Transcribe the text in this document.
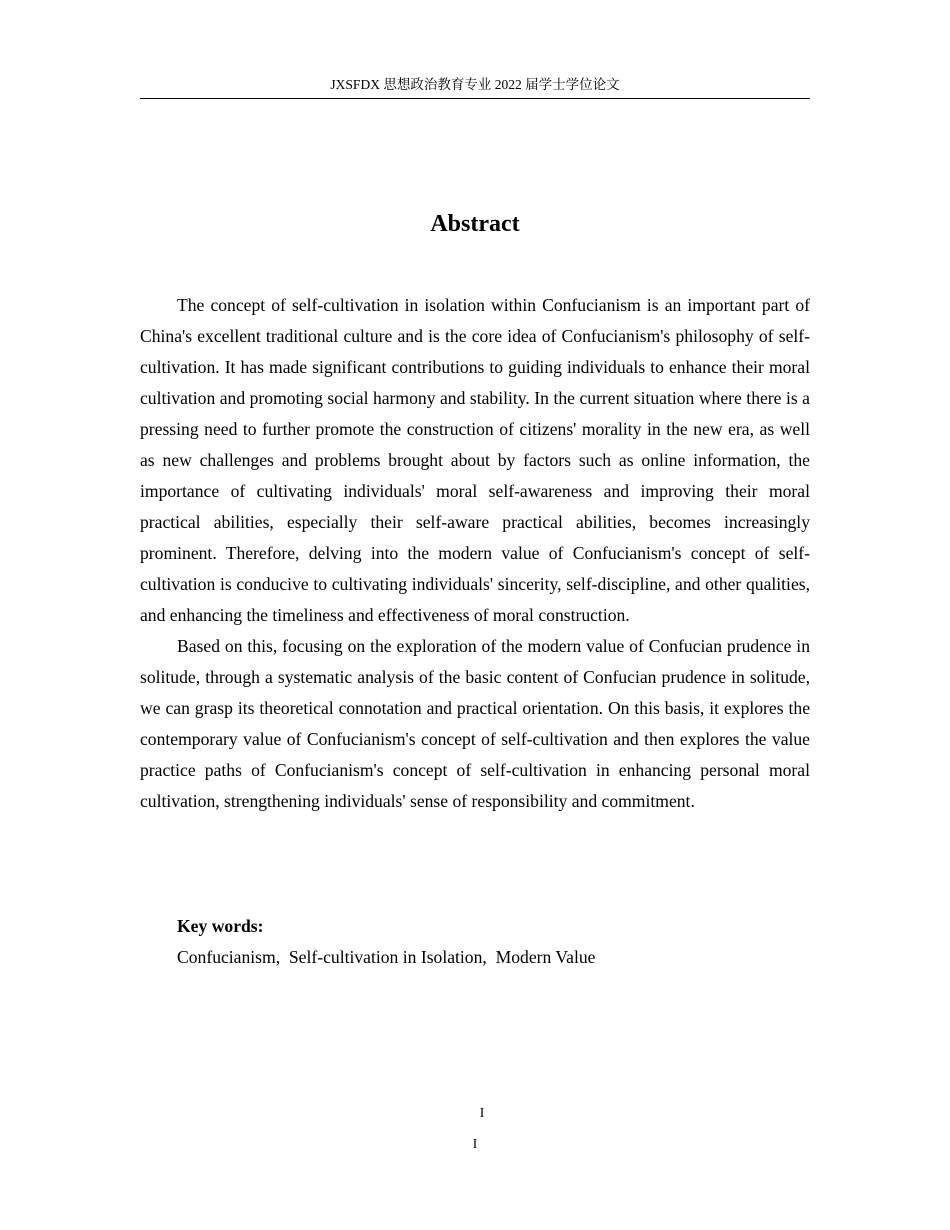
JXSFDX 思想政治教育专业 2022 届学士学位论文
Abstract

The concept of self-cultivation in isolation within Confucianism is an important part of China's excellent traditional culture and is the core idea of Confucianism's philosophy of self-cultivation. It has made significant contributions to guiding individuals to enhance their moral cultivation and promoting social harmony and stability. In the current situation where there is a pressing need to further promote the construction of citizens' morality in the new era, as well as new challenges and problems brought about by factors such as online information, the importance of cultivating individuals' moral self-awareness and improving their moral practical abilities, especially their self-aware practical abilities, becomes increasingly prominent. Therefore, delving into the modern value of Confucianism's concept of self-cultivation is conducive to cultivating individuals' sincerity, self-discipline, and other qualities, and enhancing the timeliness and effectiveness of moral construction.

Based on this, focusing on the exploration of the modern value of Confucian prudence in solitude, through a systematic analysis of the basic content of Confucian prudence in solitude, we can grasp its theoretical connotation and practical orientation. On this basis, it explores the contemporary value of Confucianism's concept of self-cultivation and then explores the value practice paths of Confucianism's concept of self-cultivation in enhancing personal moral cultivation, strengthening individuals' sense of responsibility and commitment.

Key words:

Confucianism,  Self-cultivation in Isolation,  Modern Value

I
I
